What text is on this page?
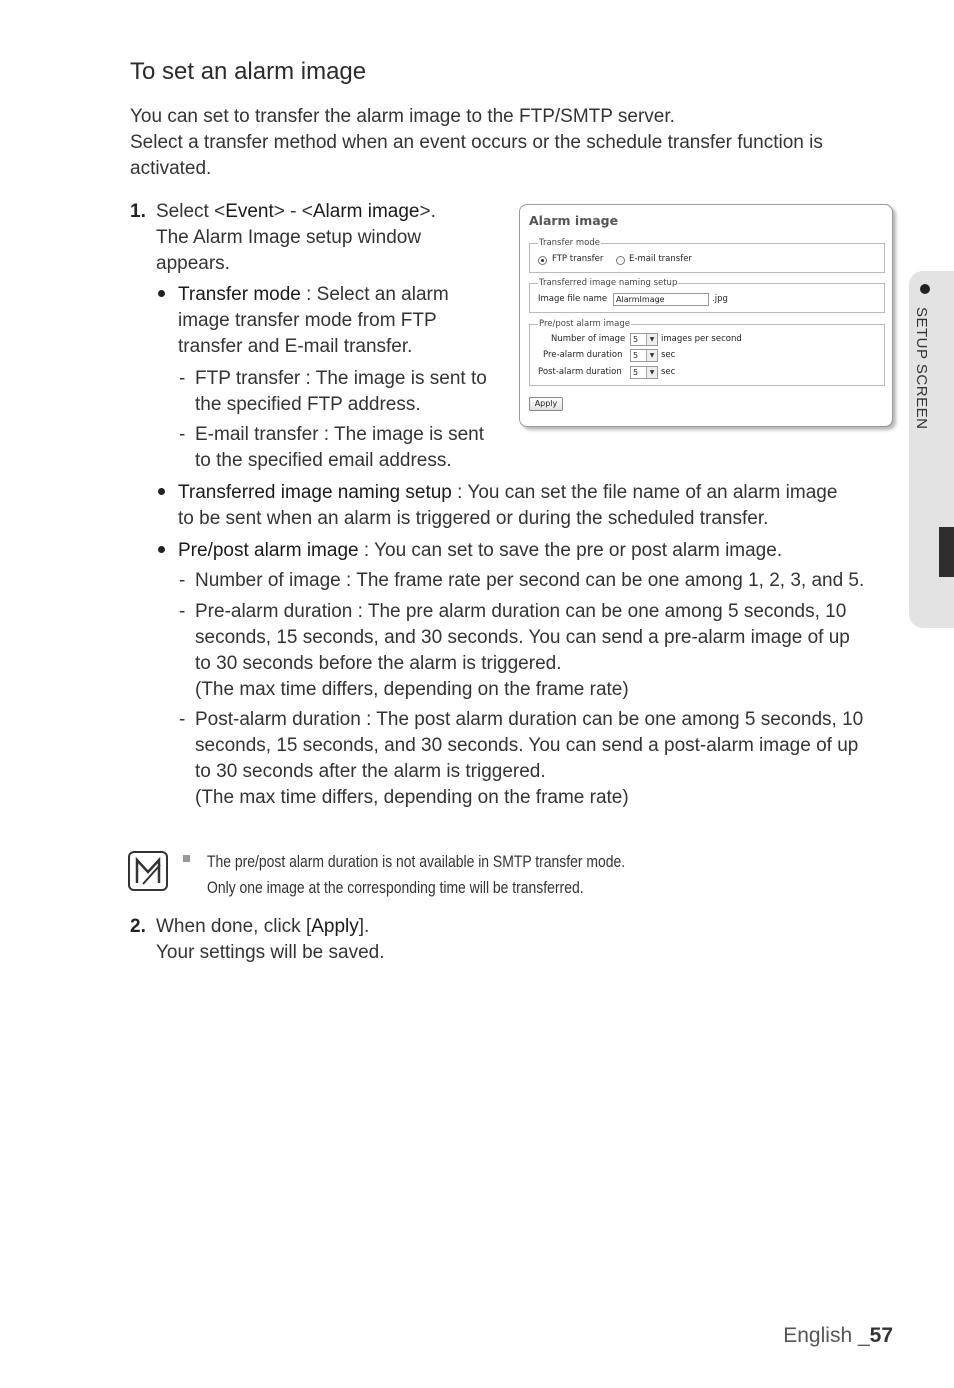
To set an alarm image

You can set to transfer the alarm image to the FTP/SMTP server.

Select a transfer method when an event occurs or the schedule transfer function is

activated.

1. Select <Event> - <Alarm image>.
The Alarm Image setup window
appears.
Transfer mode : Select an alarm
image transfer mode from FTP
transfer and E-mail transfer.
- FTP transfer : The image is sent to
the specified FTP address.
- E-mail transfer : The image is sent
to the specified email address.
Transferred image naming setup : You can set the file name of an alarm image
to be sent when an alarm is triggered or during the scheduled transfer.
Pre/post alarm image : You can set to save the pre or post alarm image.
- Number of image : The frame rate per second can be one among 1, 2, 3, and 5.
- Pre-alarm duration : The pre alarm duration can be one among 5 seconds, 10
seconds, 15 seconds, and 30 seconds. You can send a pre-alarm image of up
to 30 seconds before the alarm is triggered.
(The max time differs, depending on the frame rate)
- Post-alarm duration : The post alarm duration can be one among 5 seconds, 10
seconds, 15 seconds, and 30 seconds. You can send a post-alarm image of up
to 30 seconds after the alarm is triggered.
(The max time differs, depending on the frame rate)
Alarm image
Transfer mode
FTP transfer	E-mail transfer
Transferred image naming setup
Image file name	AlarmImage	.jpg
Pre/post alarm image
Number of image 5	▼ images per second
Pre-alarm duration 5	▼ sec
Post-alarm duration 5	▼ sec
Apply	SETUP SCREEN
The pre/post alarm duration is not available in SMTP transfer mode.
Only one image at the corresponding time will be transferred.
2. When done, click [Apply].
Your settings will be saved.
English _57
